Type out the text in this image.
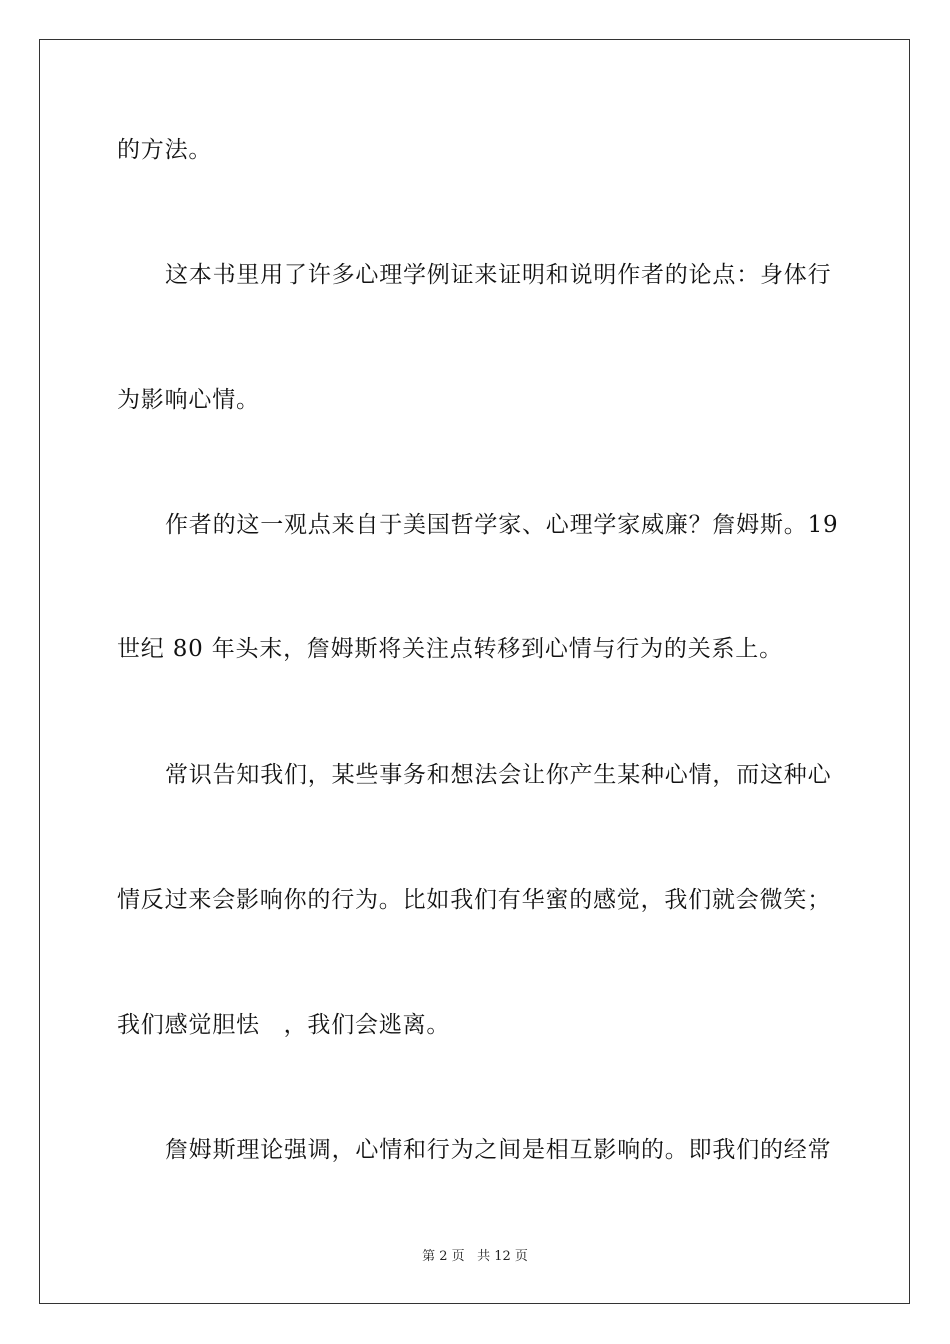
的方法。
这本书里用了许多心理学例证来证明和说明作者的论点：身体行
为影响心情。
作者的这一观点来自于美国哲学家、心理学家威廉？詹姆斯。19
世纪 80 年头末，詹姆斯将关注点转移到心情与行为的关系上。
常识告知我们，某些事务和想法会让你产生某种心情，而这种心
情反过来会影响你的行为。比如我们有华蜜的感觉，我们就会微笑；
我们感觉胆怯　，我们会逃离。
詹姆斯理论强调，心情和行为之间是相互影响的。即我们的经常
第 2 页 共 12 页
